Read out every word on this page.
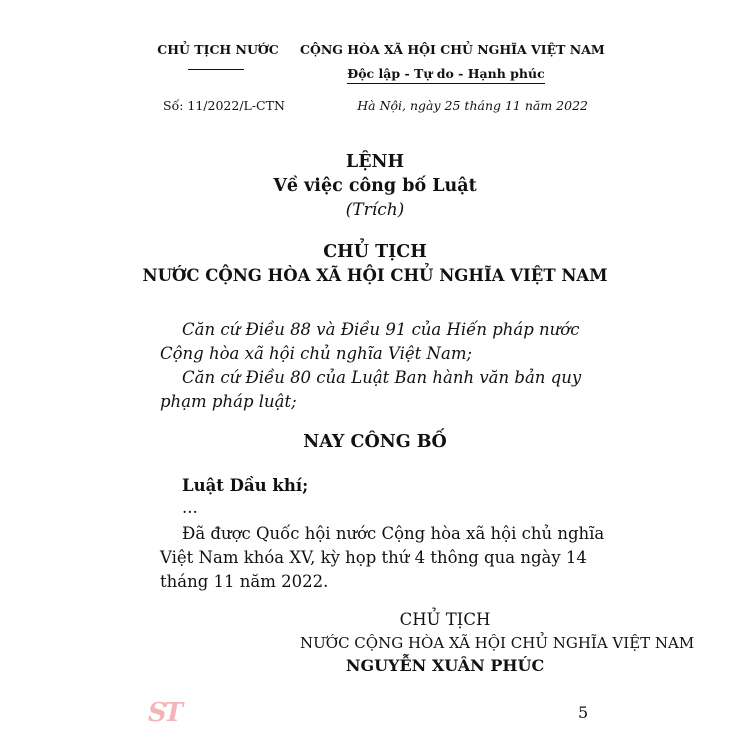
CHỦ TỊCH NƯỚC	CỘNG HÒA XÃ HỘI CHỦ NGHĨA VIỆT NAM
Độc lập - Tự do - Hạnh phúc
Số: 11/2022/L-CTN	Hà Nội, ngày 25 tháng 11 năm 2022
LỆNH
Về việc công bố Luật
(Trích)
CHỦ TỊCH
NƯỚC CỘNG HÒA XÃ HỘI CHỦ NGHĨA VIỆT NAM
Căn cứ Điều 88 và Điều 91 của Hiến pháp nước
Cộng hòa xã hội chủ nghĩa Việt Nam;
Căn cứ Điều 80 của Luật Ban hành văn bản quy
phạm pháp luật;
NAY CÔNG BỐ
Luật Dầu khí;
...
Đã được Quốc hội nước Cộng hòa xã hội chủ nghĩa
Việt Nam khóa XV, kỳ họp thứ 4 thông qua ngày 14
tháng 11 năm 2022.
CHỦ TỊCH
NƯỚC CỘNG HÒA XÃ HỘI CHỦ NGHĨA VIỆT NAM
NGUYỄN XUÂN PHÚC
ST	5
